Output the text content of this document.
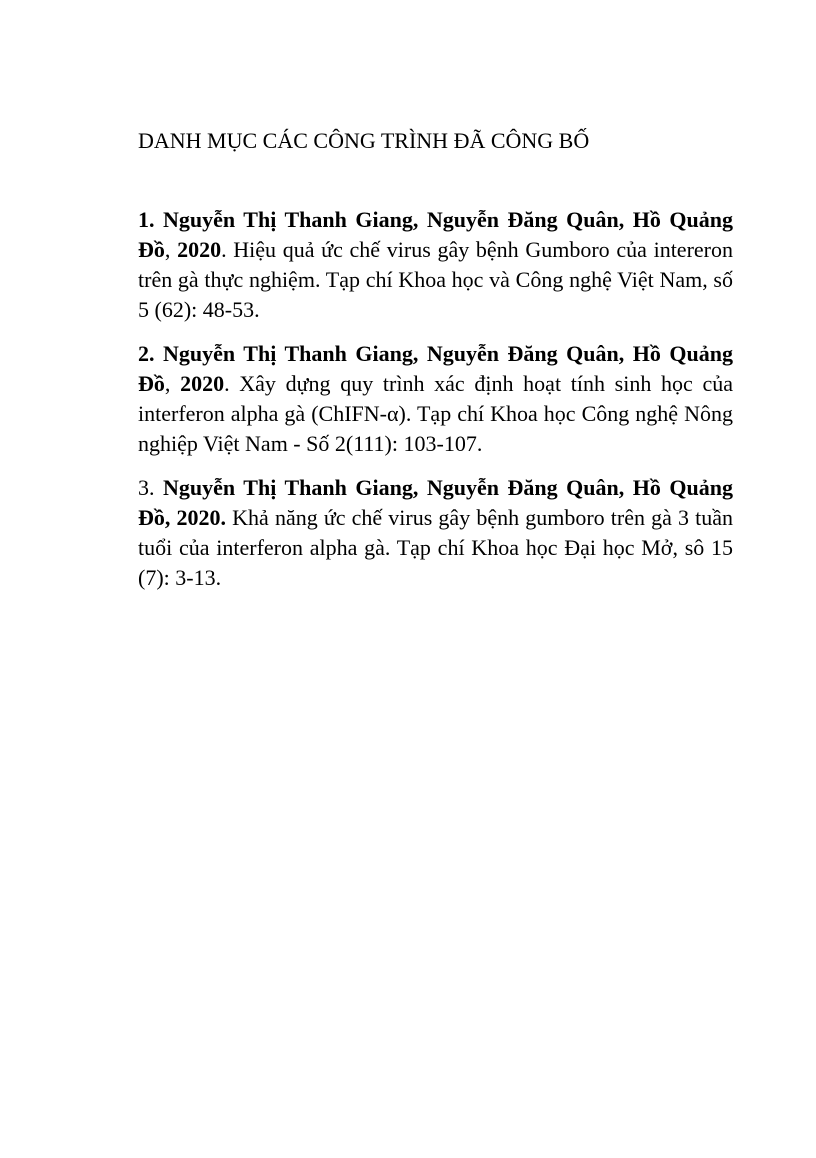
DANH MỤC CÁC CÔNG TRÌNH ĐÃ CÔNG BỐ

1. Nguyễn Thị Thanh Giang, Nguyễn Đăng Quân, Hồ Quảng Đồ, 2020. Hiệu quả ức chế virus gây bệnh Gumboro của intereron trên gà thực nghiệm. Tạp chí Khoa học và Công nghệ Việt Nam, số 5 (62): 48-53.

2. Nguyễn Thị Thanh Giang, Nguyễn Đăng Quân, Hồ Quảng Đồ, 2020. Xây dựng quy trình xác định hoạt tính sinh học của interferon alpha gà (ChIFN-α). Tạp chí Khoa học Công nghệ Nông nghiệp Việt Nam - Số 2(111): 103-107.

3. Nguyễn Thị Thanh Giang, Nguyễn Đăng Quân, Hồ Quảng Đồ, 2020. Khả năng ức chế virus gây bệnh gumboro trên gà 3 tuần tuổi của interferon alpha gà. Tạp chí Khoa học Đại học Mở, sô 15 (7): 3-13.
